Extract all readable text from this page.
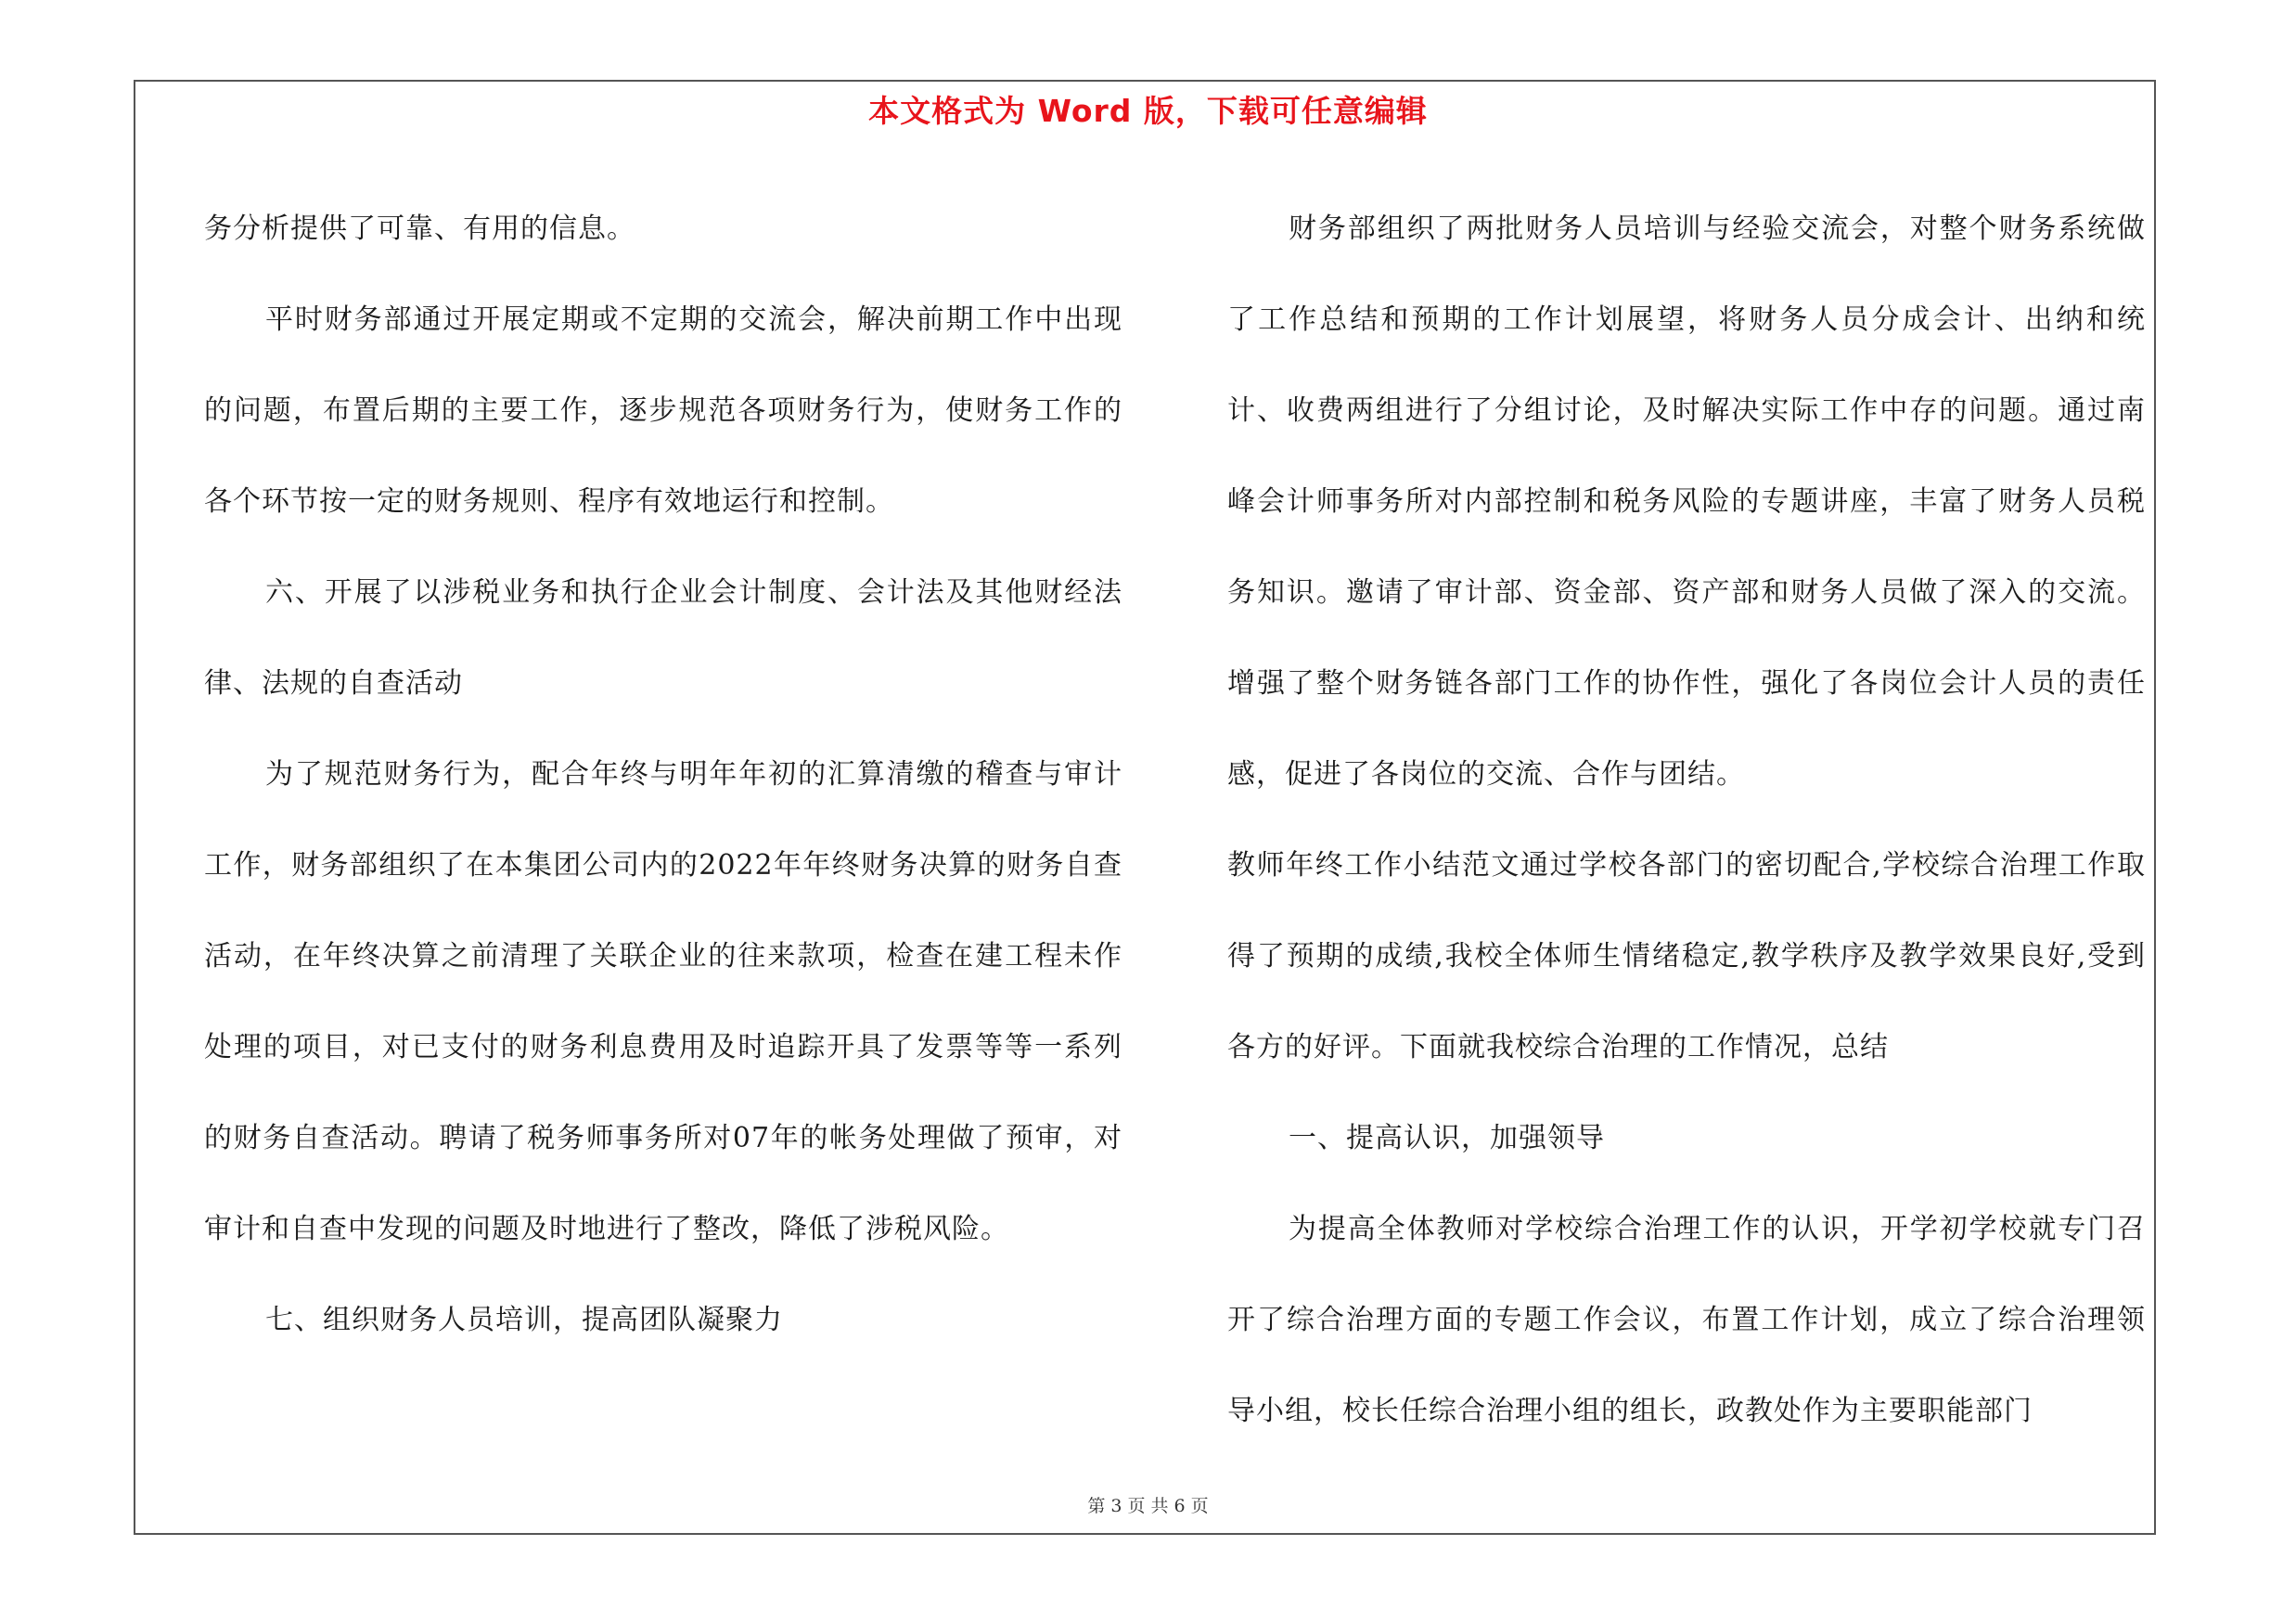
本文格式为 Word 版，下载可任意编辑

务分析提供了可靠、有用的信息。

平时财务部通过开展定期或不定期的交流会，解决前期工作中出现的问题，布置后期的主要工作，逐步规范各项财务行为，使财务工作的各个环节按一定的财务规则、程序有效地运行和控制。

六、开展了以涉税业务和执行企业会计制度、会计法及其他财经法律、法规的自查活动

为了规范财务行为，配合年终与明年年初的汇算清缴的稽查与审计工作，财务部组织了在本集团公司内的2022年年终财务决算的财务自查活动，在年终决算之前清理了关联企业的往来款项，检查在建工程未作处理的项目，对已支付的财务利息费用及时追踪开具了发票等等一系列的财务自查活动。聘请了税务师事务所对07年的帐务处理做了预审，对审计和自查中发现的问题及时地进行了整改，降低了涉税风险。

七、组织财务人员培训，提高团队凝聚力

财务部组织了两批财务人员培训与经验交流会，对整个财务系统做了工作总结和预期的工作计划展望，将财务人员分成会计、出纳和统计、收费两组进行了分组讨论，及时解决实际工作中存的问题。通过南峰会计师事务所对内部控制和税务风险的专题讲座，丰富了财务人员税务知识。邀请了审计部、资金部、资产部和财务人员做了深入的交流。增强了整个财务链各部门工作的协作性，强化了各岗位会计人员的责任感，促进了各岗位的交流、合作与团结。

教师年终工作小结范文通过学校各部门的密切配合,学校综合治理工作取得了预期的成绩,我校全体师生情绪稳定,教学秩序及教学效果良好,受到各方的好评。下面就我校综合治理的工作情况，总结

一、提高认识，加强领导

为提高全体教师对学校综合治理工作的认识，开学初学校就专门召开了综合治理方面的专题工作会议，布置工作计划，成立了综合治理领导小组，校长任综合治理小组的组长，政教处作为主要职能部门

第 3 页 共 6 页
